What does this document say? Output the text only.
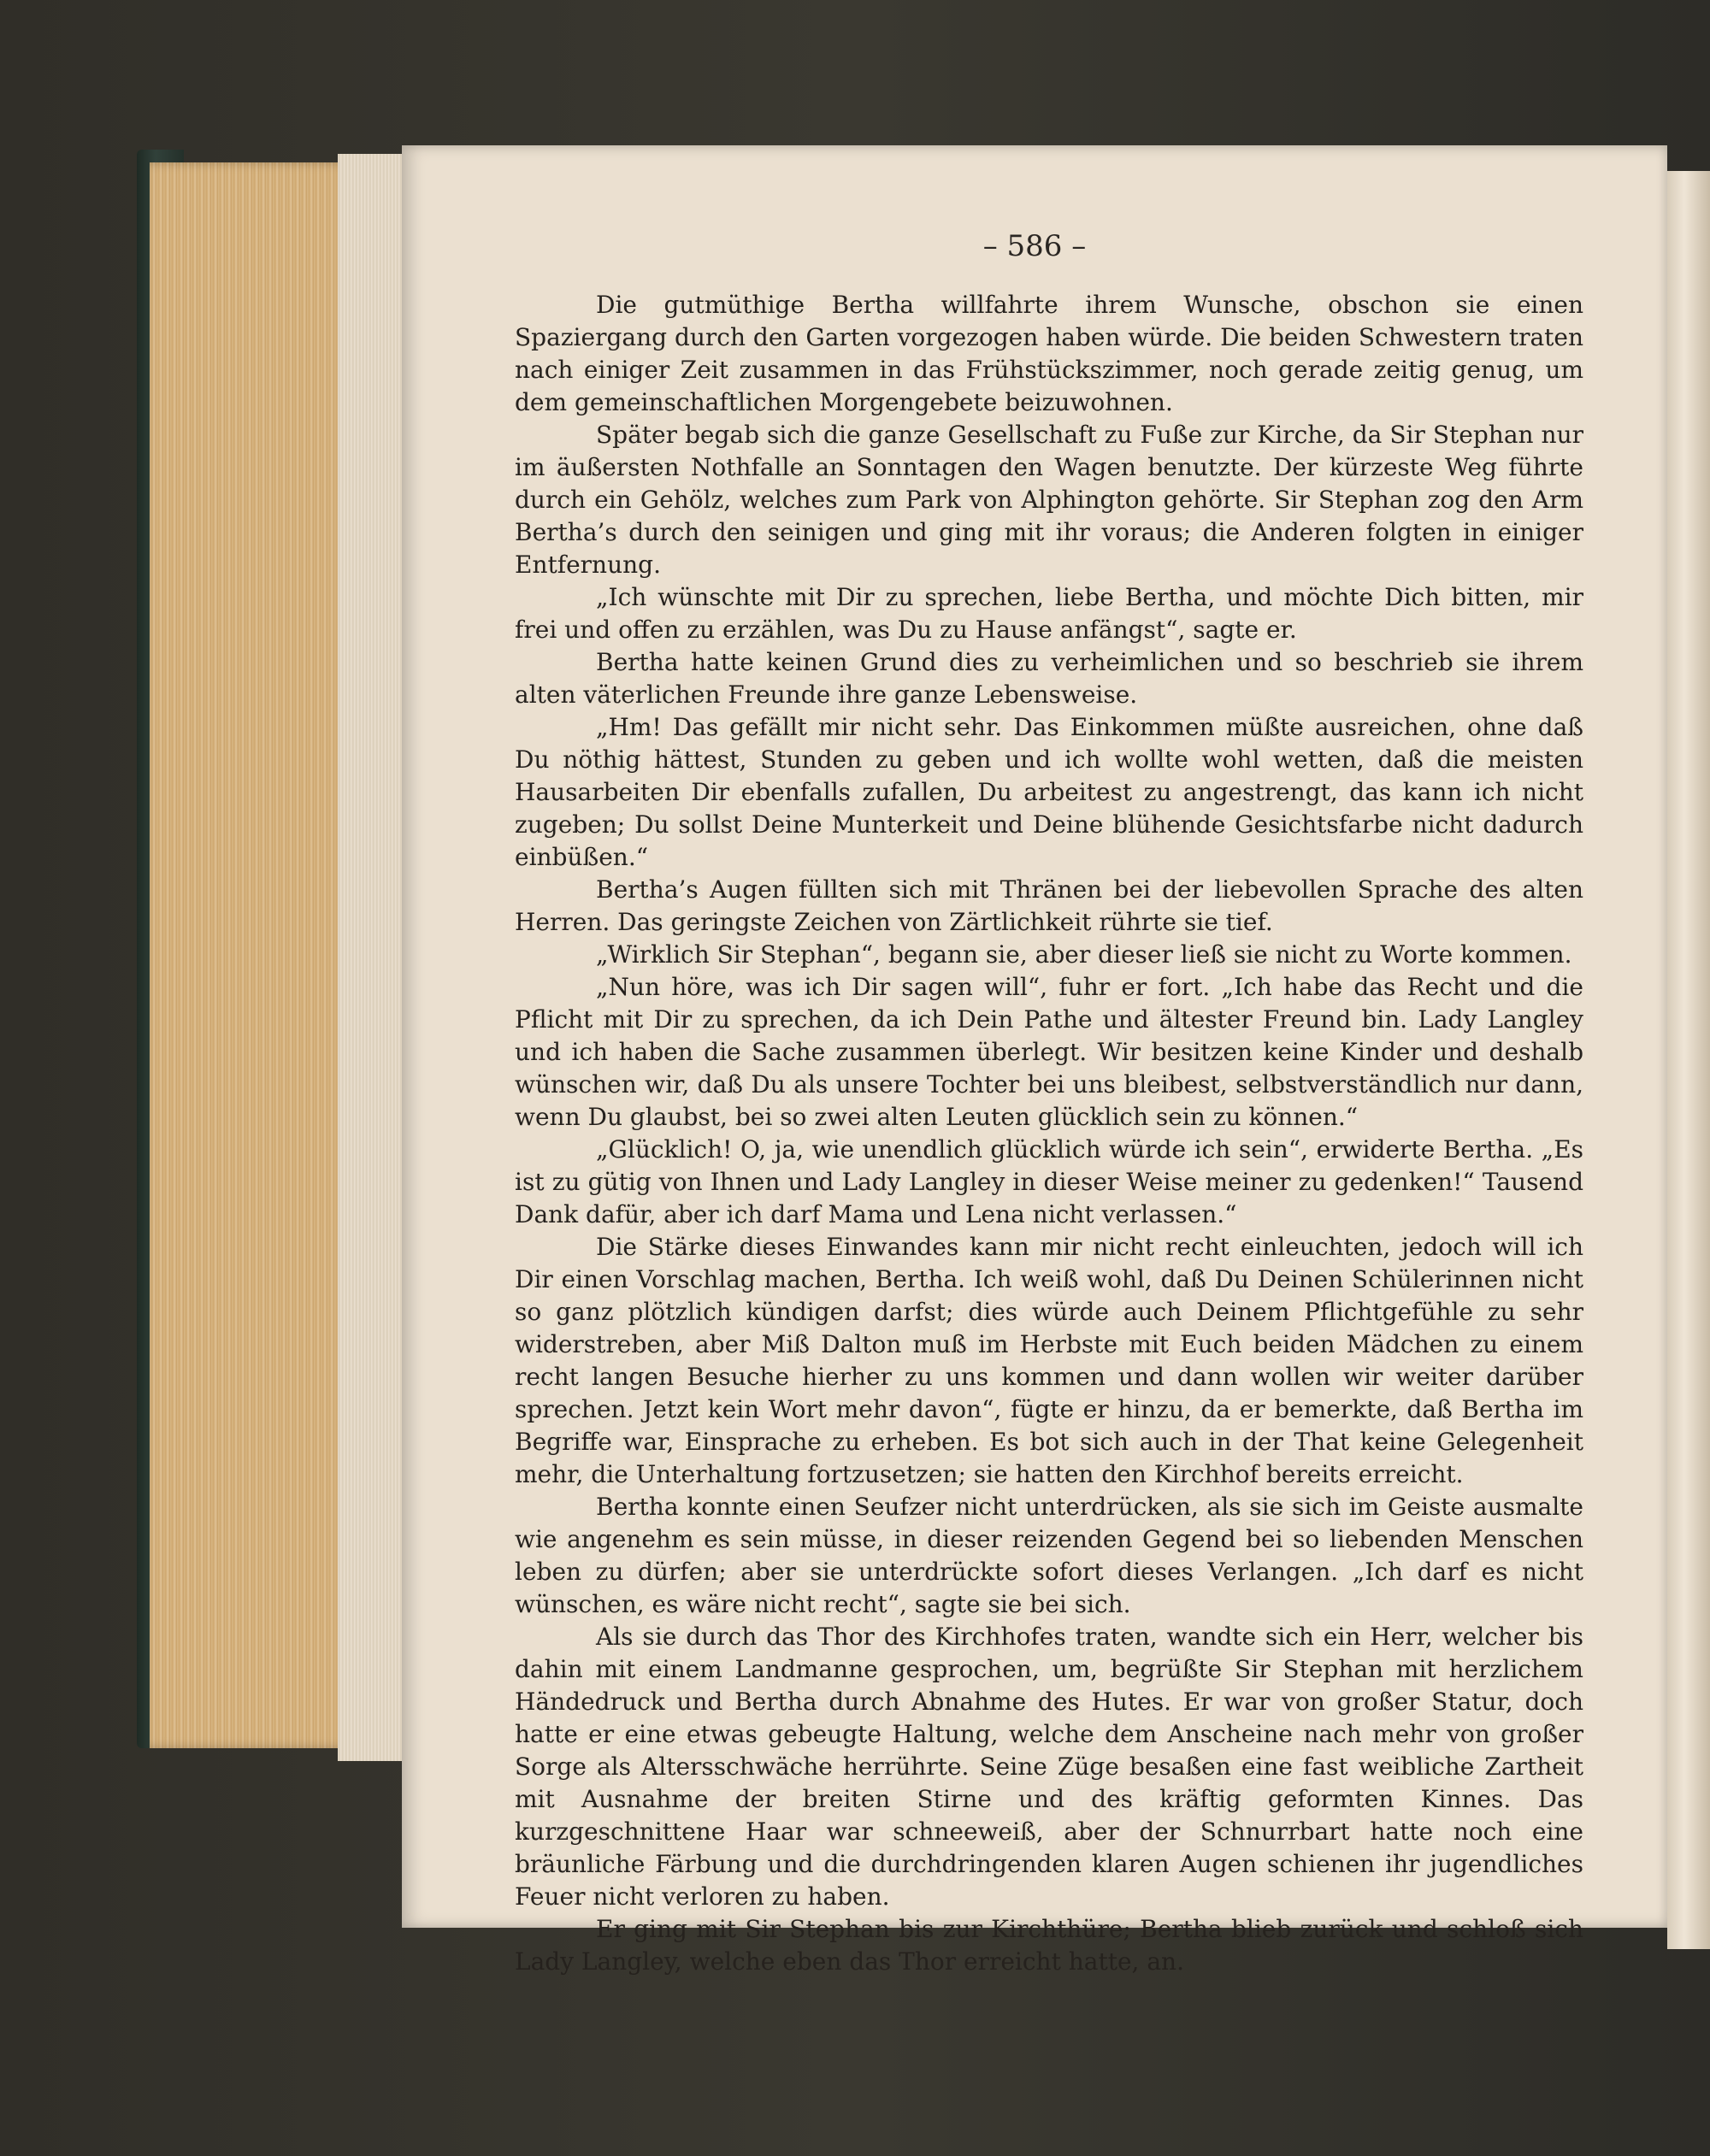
– 586 –

Die gutmüthige Bertha willfahrte ihrem Wunsche, obschon sie einen Spaziergang durch den Garten vorgezogen haben würde. Die beiden Schwestern traten nach einiger Zeit zusammen in das Frühstückszimmer, noch gerade zeitig genug, um dem gemeinschaftlichen Morgengebete beizuwohnen.

Später begab sich die ganze Gesellschaft zu Fuße zur Kirche, da Sir Stephan nur im äußersten Nothfalle an Sonntagen den Wagen benutzte. Der kürzeste Weg führte durch ein Gehölz, welches zum Park von Alphington gehörte. Sir Stephan zog den Arm Bertha’s durch den seinigen und ging mit ihr voraus; die Anderen folgten in einiger Entfernung.

„Ich wünschte mit Dir zu sprechen, liebe Bertha, und möchte Dich bitten, mir frei und offen zu erzählen, was Du zu Hause anfängst“, sagte er.

Bertha hatte keinen Grund dies zu verheimlichen und so beschrieb sie ihrem alten väterlichen Freunde ihre ganze Lebensweise.

„Hm! Das gefällt mir nicht sehr. Das Einkommen müßte ausreichen, ohne daß Du nöthig hättest, Stunden zu geben und ich wollte wohl wetten, daß die meisten Hausarbeiten Dir ebenfalls zufallen, Du arbeitest zu angestrengt, das kann ich nicht zugeben; Du sollst Deine Munterkeit und Deine blühende Gesichtsfarbe nicht dadurch einbüßen.“

Bertha’s Augen füllten sich mit Thränen bei der liebevollen Sprache des alten Herren. Das geringste Zeichen von Zärtlichkeit rührte sie tief.

„Wirklich Sir Stephan“, begann sie, aber dieser ließ sie nicht zu Worte kommen.

„Nun höre, was ich Dir sagen will“, fuhr er fort. „Ich habe das Recht und die Pflicht mit Dir zu sprechen, da ich Dein Pathe und ältester Freund bin. Lady Langley und ich haben die Sache zusammen überlegt. Wir besitzen keine Kinder und deshalb wünschen wir, daß Du als unsere Tochter bei uns bleibest, selbstverständlich nur dann, wenn Du glaubst, bei so zwei alten Leuten glücklich sein zu können.“

„Glücklich! O, ja, wie unendlich glücklich würde ich sein“, erwiderte Bertha. „Es ist zu gütig von Ihnen und Lady Langley in dieser Weise meiner zu gedenken!“ Tausend Dank dafür, aber ich darf Mama und Lena nicht verlassen.“

Die Stärke dieses Einwandes kann mir nicht recht einleuchten, jedoch will ich Dir einen Vorschlag machen, Bertha. Ich weiß wohl, daß Du Deinen Schülerinnen nicht so ganz plötzlich kündigen darfst; dies würde auch Deinem Pflichtgefühle zu sehr widerstreben, aber Miß Dalton muß im Herbste mit Euch beiden Mädchen zu einem recht langen Besuche hierher zu uns kommen und dann wollen wir weiter darüber sprechen. Jetzt kein Wort mehr davon“, fügte er hinzu, da er bemerkte, daß Bertha im Begriffe war, Einsprache zu erheben. Es bot sich auch in der That keine Gelegenheit mehr, die Unterhaltung fortzusetzen; sie hatten den Kirchhof bereits erreicht.

Bertha konnte einen Seufzer nicht unterdrücken, als sie sich im Geiste ausmalte wie angenehm es sein müsse, in dieser reizenden Gegend bei so liebenden Menschen leben zu dürfen; aber sie unterdrückte sofort dieses Verlangen. „Ich darf es nicht wünschen, es wäre nicht recht“, sagte sie bei sich.

Als sie durch das Thor des Kirchhofes traten, wandte sich ein Herr, welcher bis dahin mit einem Landmanne gesprochen, um, begrüßte Sir Stephan mit herzlichem Händedruck und Bertha durch Abnahme des Hutes. Er war von großer Statur, doch hatte er eine etwas gebeugte Haltung, welche dem Anscheine nach mehr von großer Sorge als Altersschwäche herrührte. Seine Züge besaßen eine fast weibliche Zartheit mit Ausnahme der breiten Stirne und des kräftig geformten Kinnes. Das kurzgeschnittene Haar war schneeweiß, aber der Schnurrbart hatte noch eine bräunliche Färbung und die durchdringenden klaren Augen schienen ihr jugendliches Feuer nicht verloren zu haben.

Er ging mit Sir Stephan bis zur Kirchthüre; Bertha blieb zurück und schloß sich Lady Langley, welche eben das Thor erreicht hatte, an.
